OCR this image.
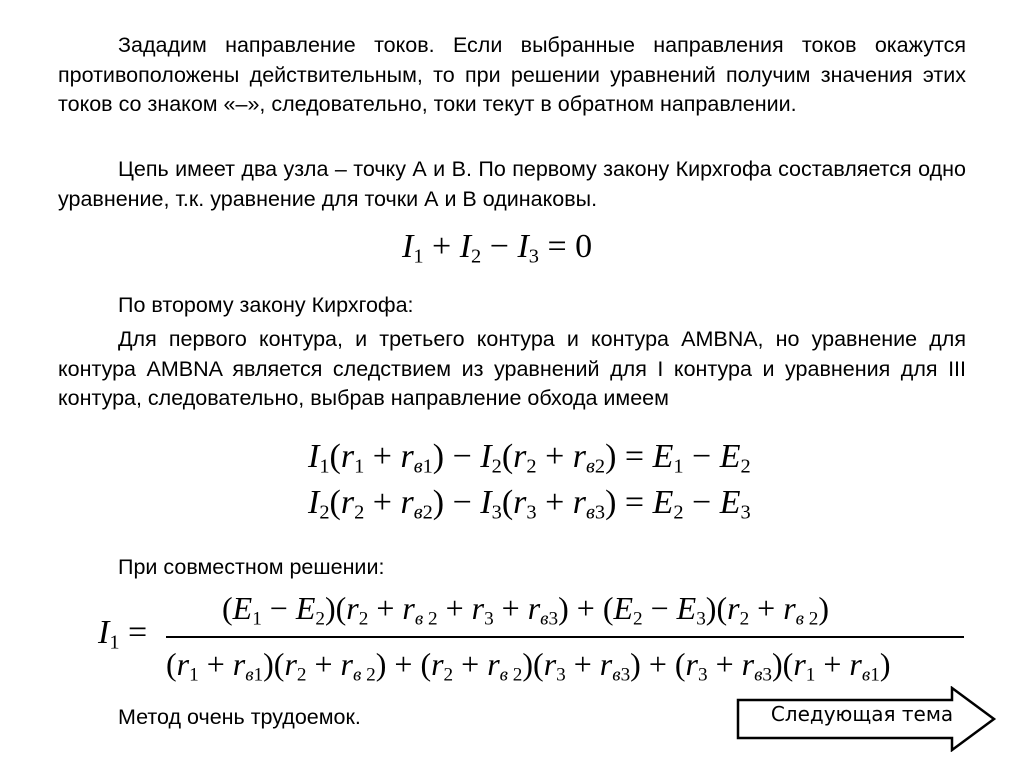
Зададим направление токов. Если выбранные направления токов окажутся противоположены действительным, то при решении уравнений получим значения этих токов со знаком «–», следовательно, токи текут в обратном направлении.
Цепь имеет два узла – точку А и В. По первому закону Кирхгофа составляется одно уравнение, т.к. уравнение для точки А и В одинаковы.
$I_1 + I_2 - I_3 = 0$
По второму закону Кирхгофа:
Для первого контура, и третьего контура и контура AMBNA, но уравнение для контура AMBNA является следствием из уравнений для I контура и уравнения для III контура, следовательно, выбрав направление обхода имеем
$I_1(r_1 + r_{в1}) - I_2(r_2 + r_{в2}) = E_1 - E_2$
$I_2(r_2 + r_{в2}) - I_3(r_3 + r_{в3}) = E_2 - E_3$
При совместном решении:
$I_1$ =
$(E_1 - E_2)(r_2 + r_{в 2} + r_3 + r_{в3}) + (E_2 - E_3)(r_2 + r_{в 2})$
$(r_1 + r_{в1})(r_2 + r_{в 2}) + (r_2 + r_{в 2})(r_3 + r_{в3}) + (r_3 + r_{в3})(r_1 + r_{в1})$
Метод очень трудоемок.	Следующая тема
